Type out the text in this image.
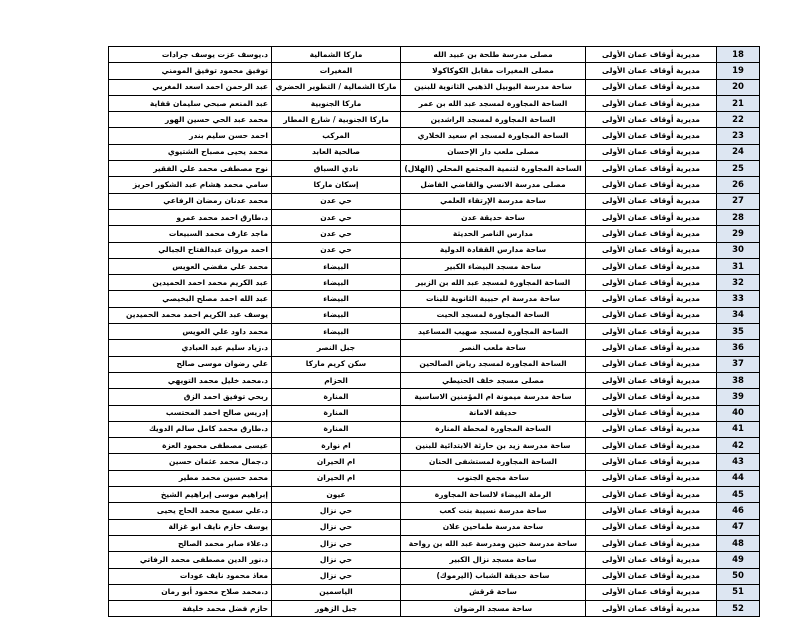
18	مديرية أوقاف عمان الأولى	مصلى مدرسة طلحة بن عبيد الله	ماركا الشمالية	د.يوسف عزت يوسف جرادات
19	مديرية أوقاف عمان الأولى	مصلى المغيرات مقابل الكوكاكولا	المغيرات	توفيق محمود توفيق المومني
20	مديرية أوقاف عمان الأولى	ساحة مدرسة اليوبيل الذهبي الثانوية للبنين	ماركا الشمالية / التطوير الحضري	عبد الرحمن احمد اسعد المغربي
21	مديرية أوقاف عمان الأولى	الساحة المجاورة لمسجد عبد الله بن عمر	ماركا الجنوبية	عبد المنعم صبحي سليمان قفاية
22	مديرية أوقاف عمان الأولى	الساحة المجاورة لمسجد الراشدين	ماركا الجنوبية / شارع المطار	محمد عبد الحي حسين الهور
23	مديرية أوقاف عمان الأولى	الساحة المجاورة لمسجد ام سعيد الخلاري	المركب	احمد حسن سليم بندر
24	مديرية أوقاف عمان الأولى	مصلى ملعب دار الإحسان	صالحية العابد	محمد يحيى مصباح الشتيوي
25	مديرية أوقاف عمان الأولى	الساحة المجاورة لتنمية المجتمع المحلي (الهلال)	نادي السباق	نوح مصطفى محمد علي الفقير
26	مديرية أوقاف عمان الأولى	مصلى مدرسة الانسي والقاضي الفاضل	إسكان ماركا	سامي محمد هشام عبد الشكور احريز
27	مديرية أوقاف عمان الأولى	ساحة مدرسة الإرتقاء العلمي	حي عدن	محمد عدنان رمضان الرفاعي
28	مديرية أوقاف عمان الأولى	ساحة حديقة عدن	حي عدن	د.طارق احمد محمد عمرو
29	مديرية أوقاف عمان الأولى	مدارس الناصر الحديثة	حي عدن	ماجد عارف محمد السبيعات
30	مديرية أوقاف عمان الأولى	ساحة مدارس القفادة الدولية	حي عدن	احمد مروان عبدالفتاح الجبالي
31	مديرية أوقاف عمان الأولى	ساحة مسجد البيضاء الكبير	البيضاء	محمد علي مفضي العويس
32	مديرية أوقاف عمان الأولى	الساحة المجاورة لمسجد عبد الله بن الزبير	البيضاء	عبد الكريم محمد احمد الحميدين
33	مديرية أوقاف عمان الأولى	ساحة مدرسة ام حبيبة الثانوية للبنات	البيضاء	عبد الله احمد مصلح البخيصي
34	مديرية أوقاف عمان الأولى	الساحة المجاورة لمسجد الحيت	البيضاء	يوسف عبد الكريم احمد محمد الحميدين
35	مديرية أوقاف عمان الأولى	الساحة المجاورة لمسجد صهيب المساعيد	البيضاء	محمد داود علي العويس
36	مديرية أوقاف عمان الأولى	ساحة ملعب النصر	جبل النصر	د.زياد سليم عيد العبادي
37	مديرية أوقاف عمان الأولى	الساحة المجاورة لمسجد رياض الصالحين	سكن كريم ماركا	علي رضوان موسى صالح
38	مديرية أوقاف عمان الأولى	مصلى مسجد خلف الحنيطي	الحزام	د.محمد خليل محمد التويهي
39	مديرية أوقاف عمان الأولى	ساحة مدرسة ميمونة ام المؤمنين الاساسية	المنارة	ربحي توفيق احمد الزق
40	مديرية أوقاف عمان الأولى	حديقة الامانة	المنارة	إدريس صالح احمد المحتسب
41	مديرية أوقاف عمان الأولى	الساحة المجاورة لمحطة المنارة	المنارة	د.طارق محمد كامل سالم الدويك
42	مديرية أوقاف عمان الأولى	ساحة مدرسة زيد بن حارثة الابتدائية للبنين	ام نوارة	عيسى مصطفى محمود العزة
43	مديرية أوقاف عمان الأولى	الساحة المجاورة لمستشفى الحنان	ام الحيران	د.جمال محمد عثمان حسين
44	مديرية أوقاف عمان الأولى	ساحة مجمع الجنوب	ام الحيران	محمد حسين محمد مطير
45	مديرية أوقاف عمان الأولى	الرملة البيضاء لالساحة المجاورة	عيون	إبراهيم موسى إبراهيم الشيخ
46	مديرية أوقاف عمان الأولى	ساحة مدرسة نسيبة بنت كعب	حي نزال	د.علي سميح محمد الحاج يحيى
47	مديرية أوقاف عمان الأولى	ساحة مدرسة طماحين علان	حي نزال	يوسف حازم نايف ابو غزالة
48	مديرية أوقاف عمان الأولى	ساحة مدرسة حنين ومدرسة عبد الله بن رواحة	حي نزال	د.علاء صابر محمد الصالح
49	مديرية أوقاف عمان الأولى	ساحة مسجد نزال الكبير	حي نزال	د.نور الدين مصطفى محمد الرفاتي
50	مديرية أوقاف عمان الأولى	ساحة حديقة الشباب (اليرموك)	حي نزال	معاذ محمود نايف عودات
51	مديرية أوقاف عمان الأولى	ساحة قرقش	الياسمين	د.محمد صلاح محمود أبو رمان
52	مديرية أوقاف عمان الأولى	ساحة مسجد الرضوان	جبل الزهور	حازم فضل محمد خليفة
